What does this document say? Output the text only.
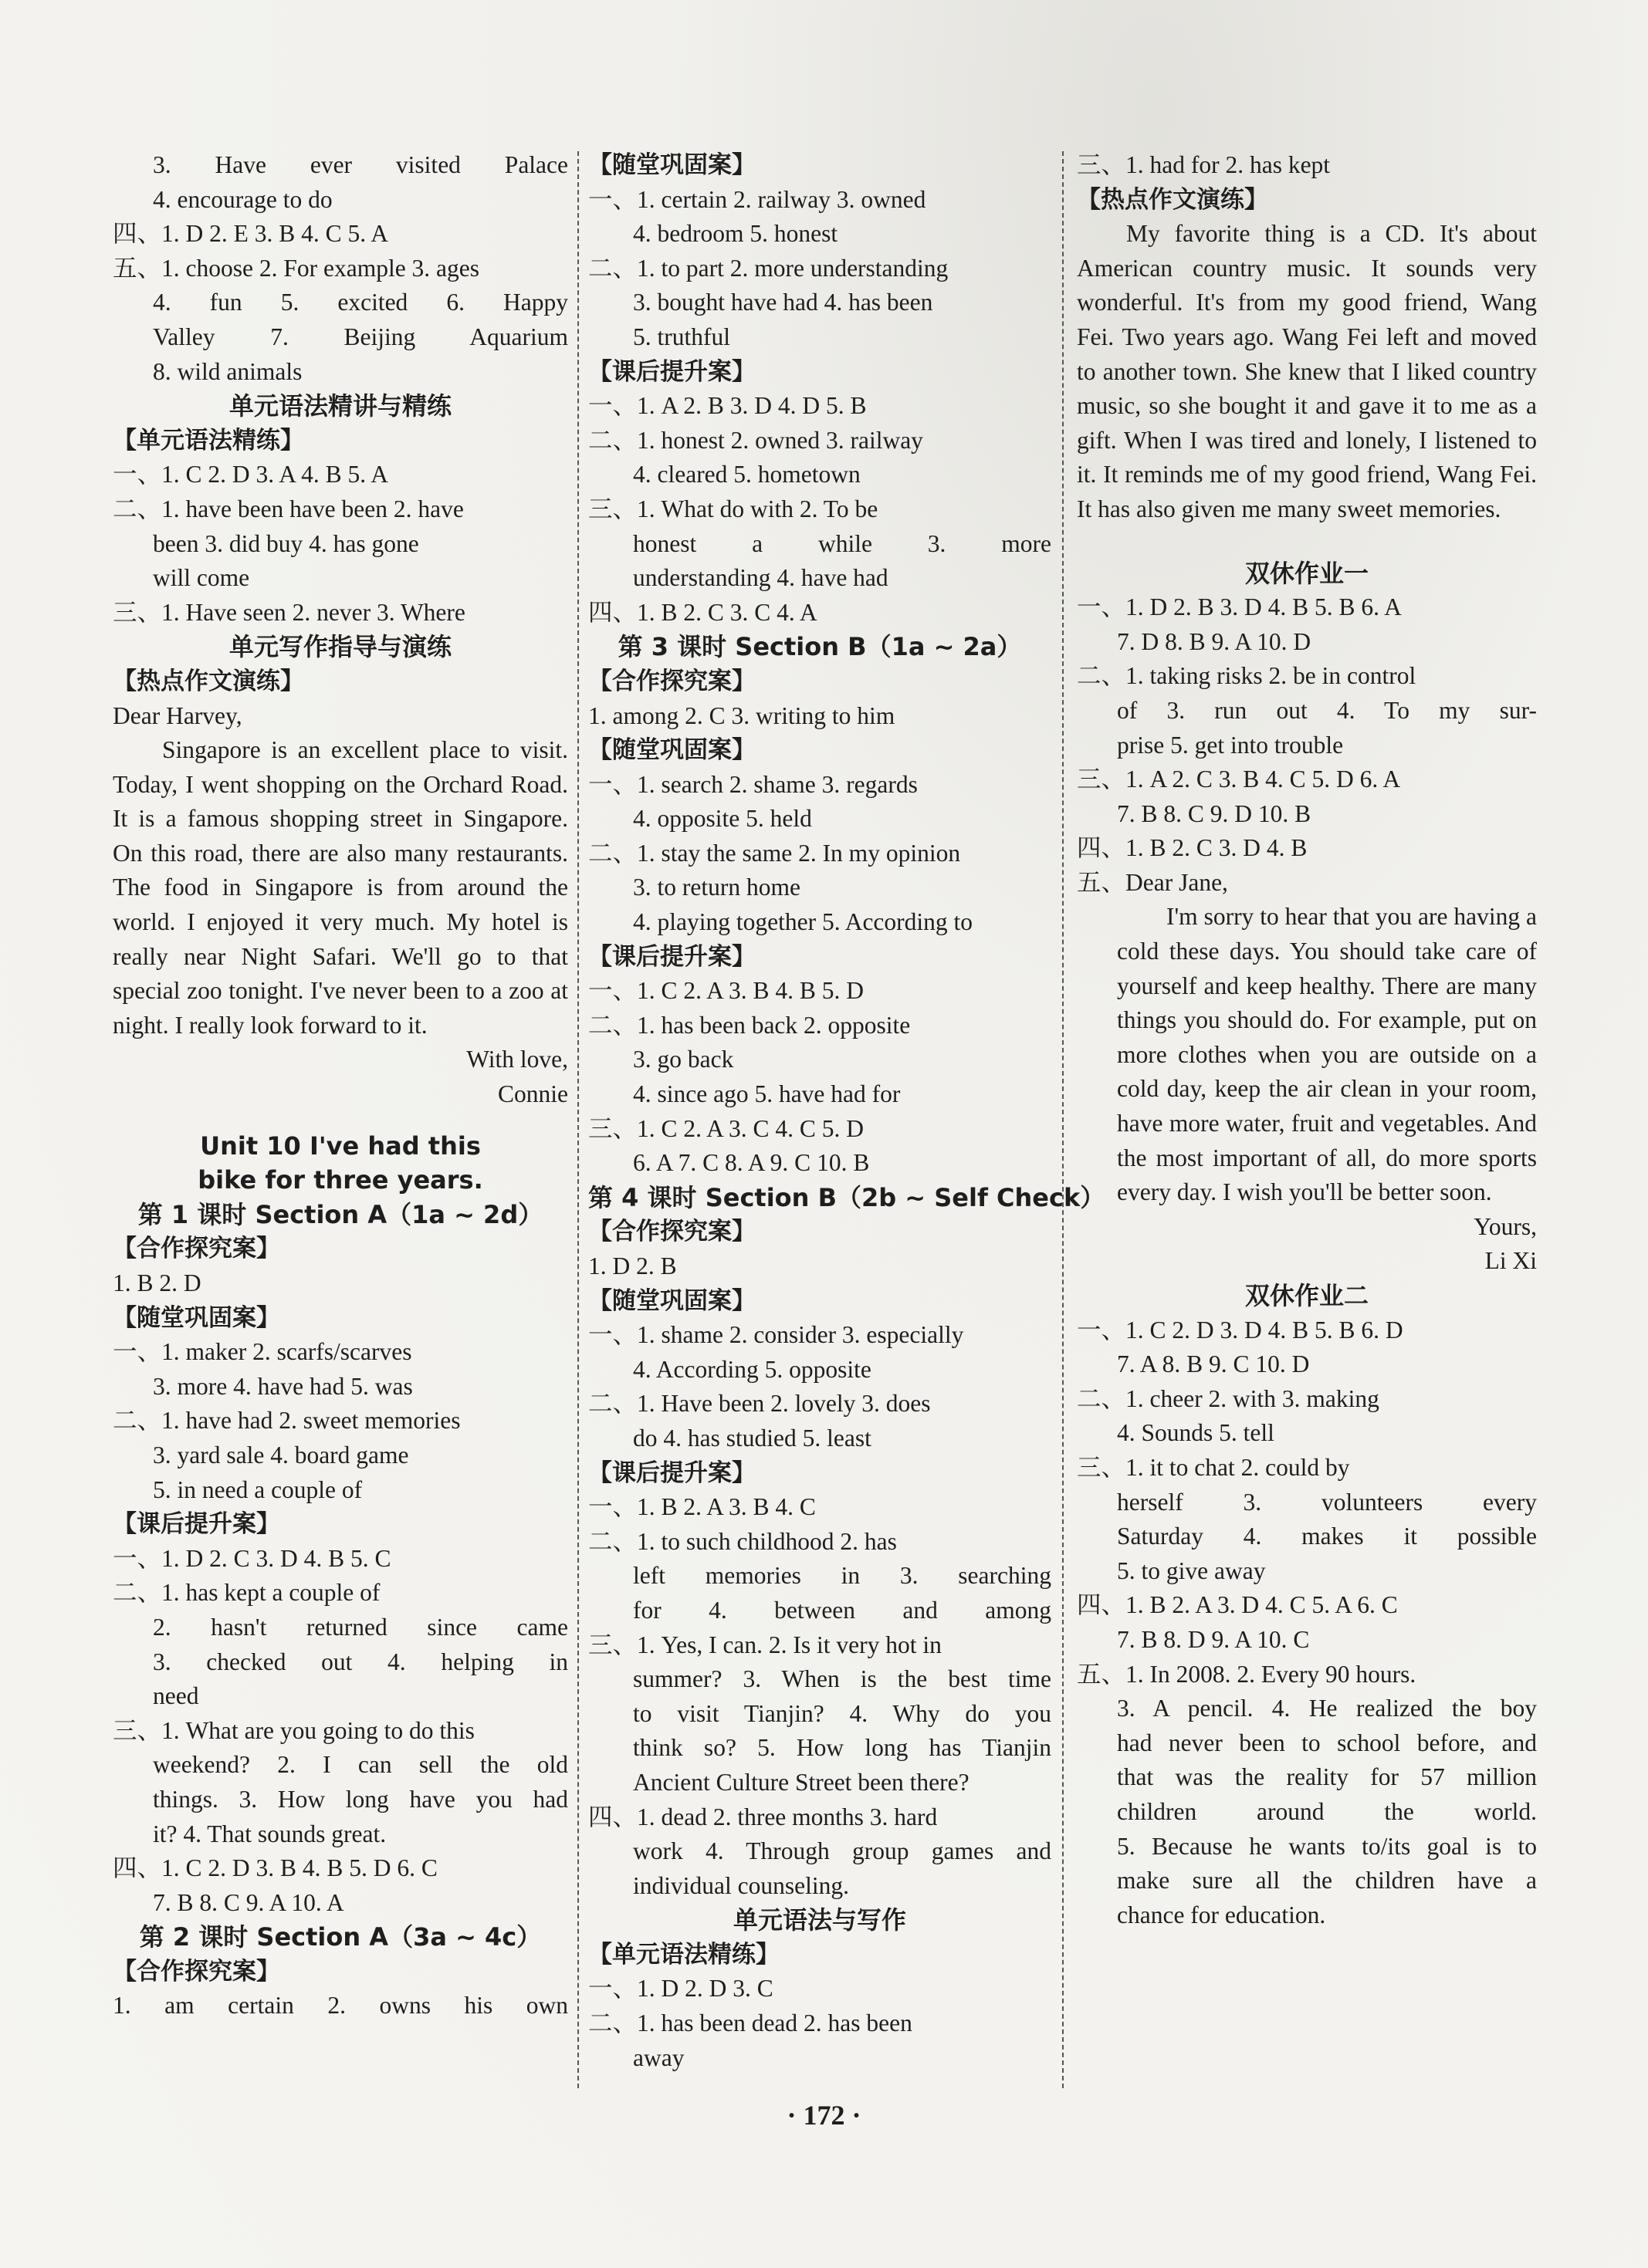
3. Have ever visited Palace
4. encourage to do
四、1. D 2. E 3. B 4. C 5. A
五、1. choose 2. For example 3. ages
4. fun 5. excited 6. Happy
Valley 7. Beijing Aquarium
8. wild animals
单元语法精讲与精练
【单元语法精练】
一、1. C 2. D 3. A 4. B 5. A
二、1. have been have been 2. have
been 3. did buy 4. has gone
will come
三、1. Have seen 2. never 3. Where
单元写作指导与演练
【热点作文演练】
Dear Harvey,
Singapore is an excellent place to visit. Today, I went shopping on the Orchard Road. It is a famous shopping street in Singapore. On this road, there are also many restaurants. The food in Singapore is from around the world. I enjoyed it very much. My hotel is really near Night Safari. We'll go to that special zoo tonight. I've never been to a zoo at night. I really look forward to it.
With love,
Connie
Unit 10 I've had this
bike for three years.
第 1 课时 Section A（1a ~ 2d）
【合作探究案】
1. B 2. D
【随堂巩固案】
一、1. maker 2. scarfs/scarves
3. more 4. have had 5. was
二、1. have had 2. sweet memories
3. yard sale 4. board game
5. in need a couple of
【课后提升案】
一、1. D 2. C 3. D 4. B 5. C
二、1. has kept a couple of
2. hasn't returned since came
3. checked out 4. helping in
need
三、1. What are you going to do this
weekend? 2. I can sell the old
things. 3. How long have you had
it? 4. That sounds great.
四、1. C 2. D 3. B 4. B 5. D 6. C
7. B 8. C 9. A 10. A
第 2 课时 Section A（3a ~ 4c）
【合作探究案】
1. am certain 2. owns his own
【随堂巩固案】
一、1. certain 2. railway 3. owned
4. bedroom 5. honest
二、1. to part 2. more understanding
3. bought have had 4. has been
5. truthful
【课后提升案】
一、1. A 2. B 3. D 4. D 5. B
二、1. honest 2. owned 3. railway
4. cleared 5. hometown
三、1. What do with 2. To be
honest a while 3. more
understanding 4. have had
四、1. B 2. C 3. C 4. A
第 3 课时 Section B（1a ~ 2a）
【合作探究案】
1. among 2. C 3. writing to him
【随堂巩固案】
一、1. search 2. shame 3. regards
4. opposite 5. held
二、1. stay the same 2. In my opinion
3. to return home
4. playing together 5. According to
【课后提升案】
一、1. C 2. A 3. B 4. B 5. D
二、1. has been back 2. opposite
3. go back
4. since ago 5. have had for
三、1. C 2. A 3. C 4. C 5. D
6. A 7. C 8. A 9. C 10. B
第 4 课时 Section B（2b ~ Self Check）
【合作探究案】
1. D 2. B
【随堂巩固案】
一、1. shame 2. consider 3. especially
4. According 5. opposite
二、1. Have been 2. lovely 3. does
do 4. has studied 5. least
【课后提升案】
一、1. B 2. A 3. B 4. C
二、1. to such childhood 2. has
left memories in 3. searching
for 4. between and among
三、1. Yes, I can. 2. Is it very hot in
summer? 3. When is the best time
to visit Tianjin? 4. Why do you
think so? 5. How long has Tianjin
Ancient Culture Street been there?
四、1. dead 2. three months 3. hard
work 4. Through group games and
individual counseling.
单元语法与写作
【单元语法精练】
一、1. D 2. D 3. C
二、1. has been dead 2. has been
away
三、1. had for 2. has kept
【热点作文演练】
My favorite thing is a CD. It's about American country music. It sounds very wonderful. It's from my good friend, Wang Fei. Two years ago. Wang Fei left and moved to another town. She knew that I liked country music, so she bought it and gave it to me as a gift. When I was tired and lonely, I listened to it. It reminds me of my good friend, Wang Fei. It has also given me many sweet memories.
双休作业一
一、1. D 2. B 3. D 4. B 5. B 6. A
7. D 8. B 9. A 10. D
二、1. taking risks 2. be in control
of 3. run out 4. To my sur-
prise 5. get into trouble
三、1. A 2. C 3. B 4. C 5. D 6. A
7. B 8. C 9. D 10. B
四、1. B 2. C 3. D 4. B
五、Dear Jane,
I'm sorry to hear that you are having a cold these days. You should take care of yourself and keep healthy. There are many things you should do. For example, put on more clothes when you are outside on a cold day, keep the air clean in your room, have more water, fruit and vegetables. And the most important of all, do more sports every day. I wish you'll be better soon.
Yours,
Li Xi
双休作业二
一、1. C 2. D 3. D 4. B 5. B 6. D
7. A 8. B 9. C 10. D
二、1. cheer 2. with 3. making
4. Sounds 5. tell
三、1. it to chat 2. could by
herself 3. volunteers every
Saturday 4. makes it possible
5. to give away
四、1. B 2. A 3. D 4. C 5. A 6. C
7. B 8. D 9. A 10. C
五、1. In 2008. 2. Every 90 hours.
3. A pencil. 4. He realized the boy
had never been to school before, and
that was the reality for 57 million
children around the world.
5. Because he wants to/its goal is to
make sure all the children have a
chance for education.
· 172 ·
